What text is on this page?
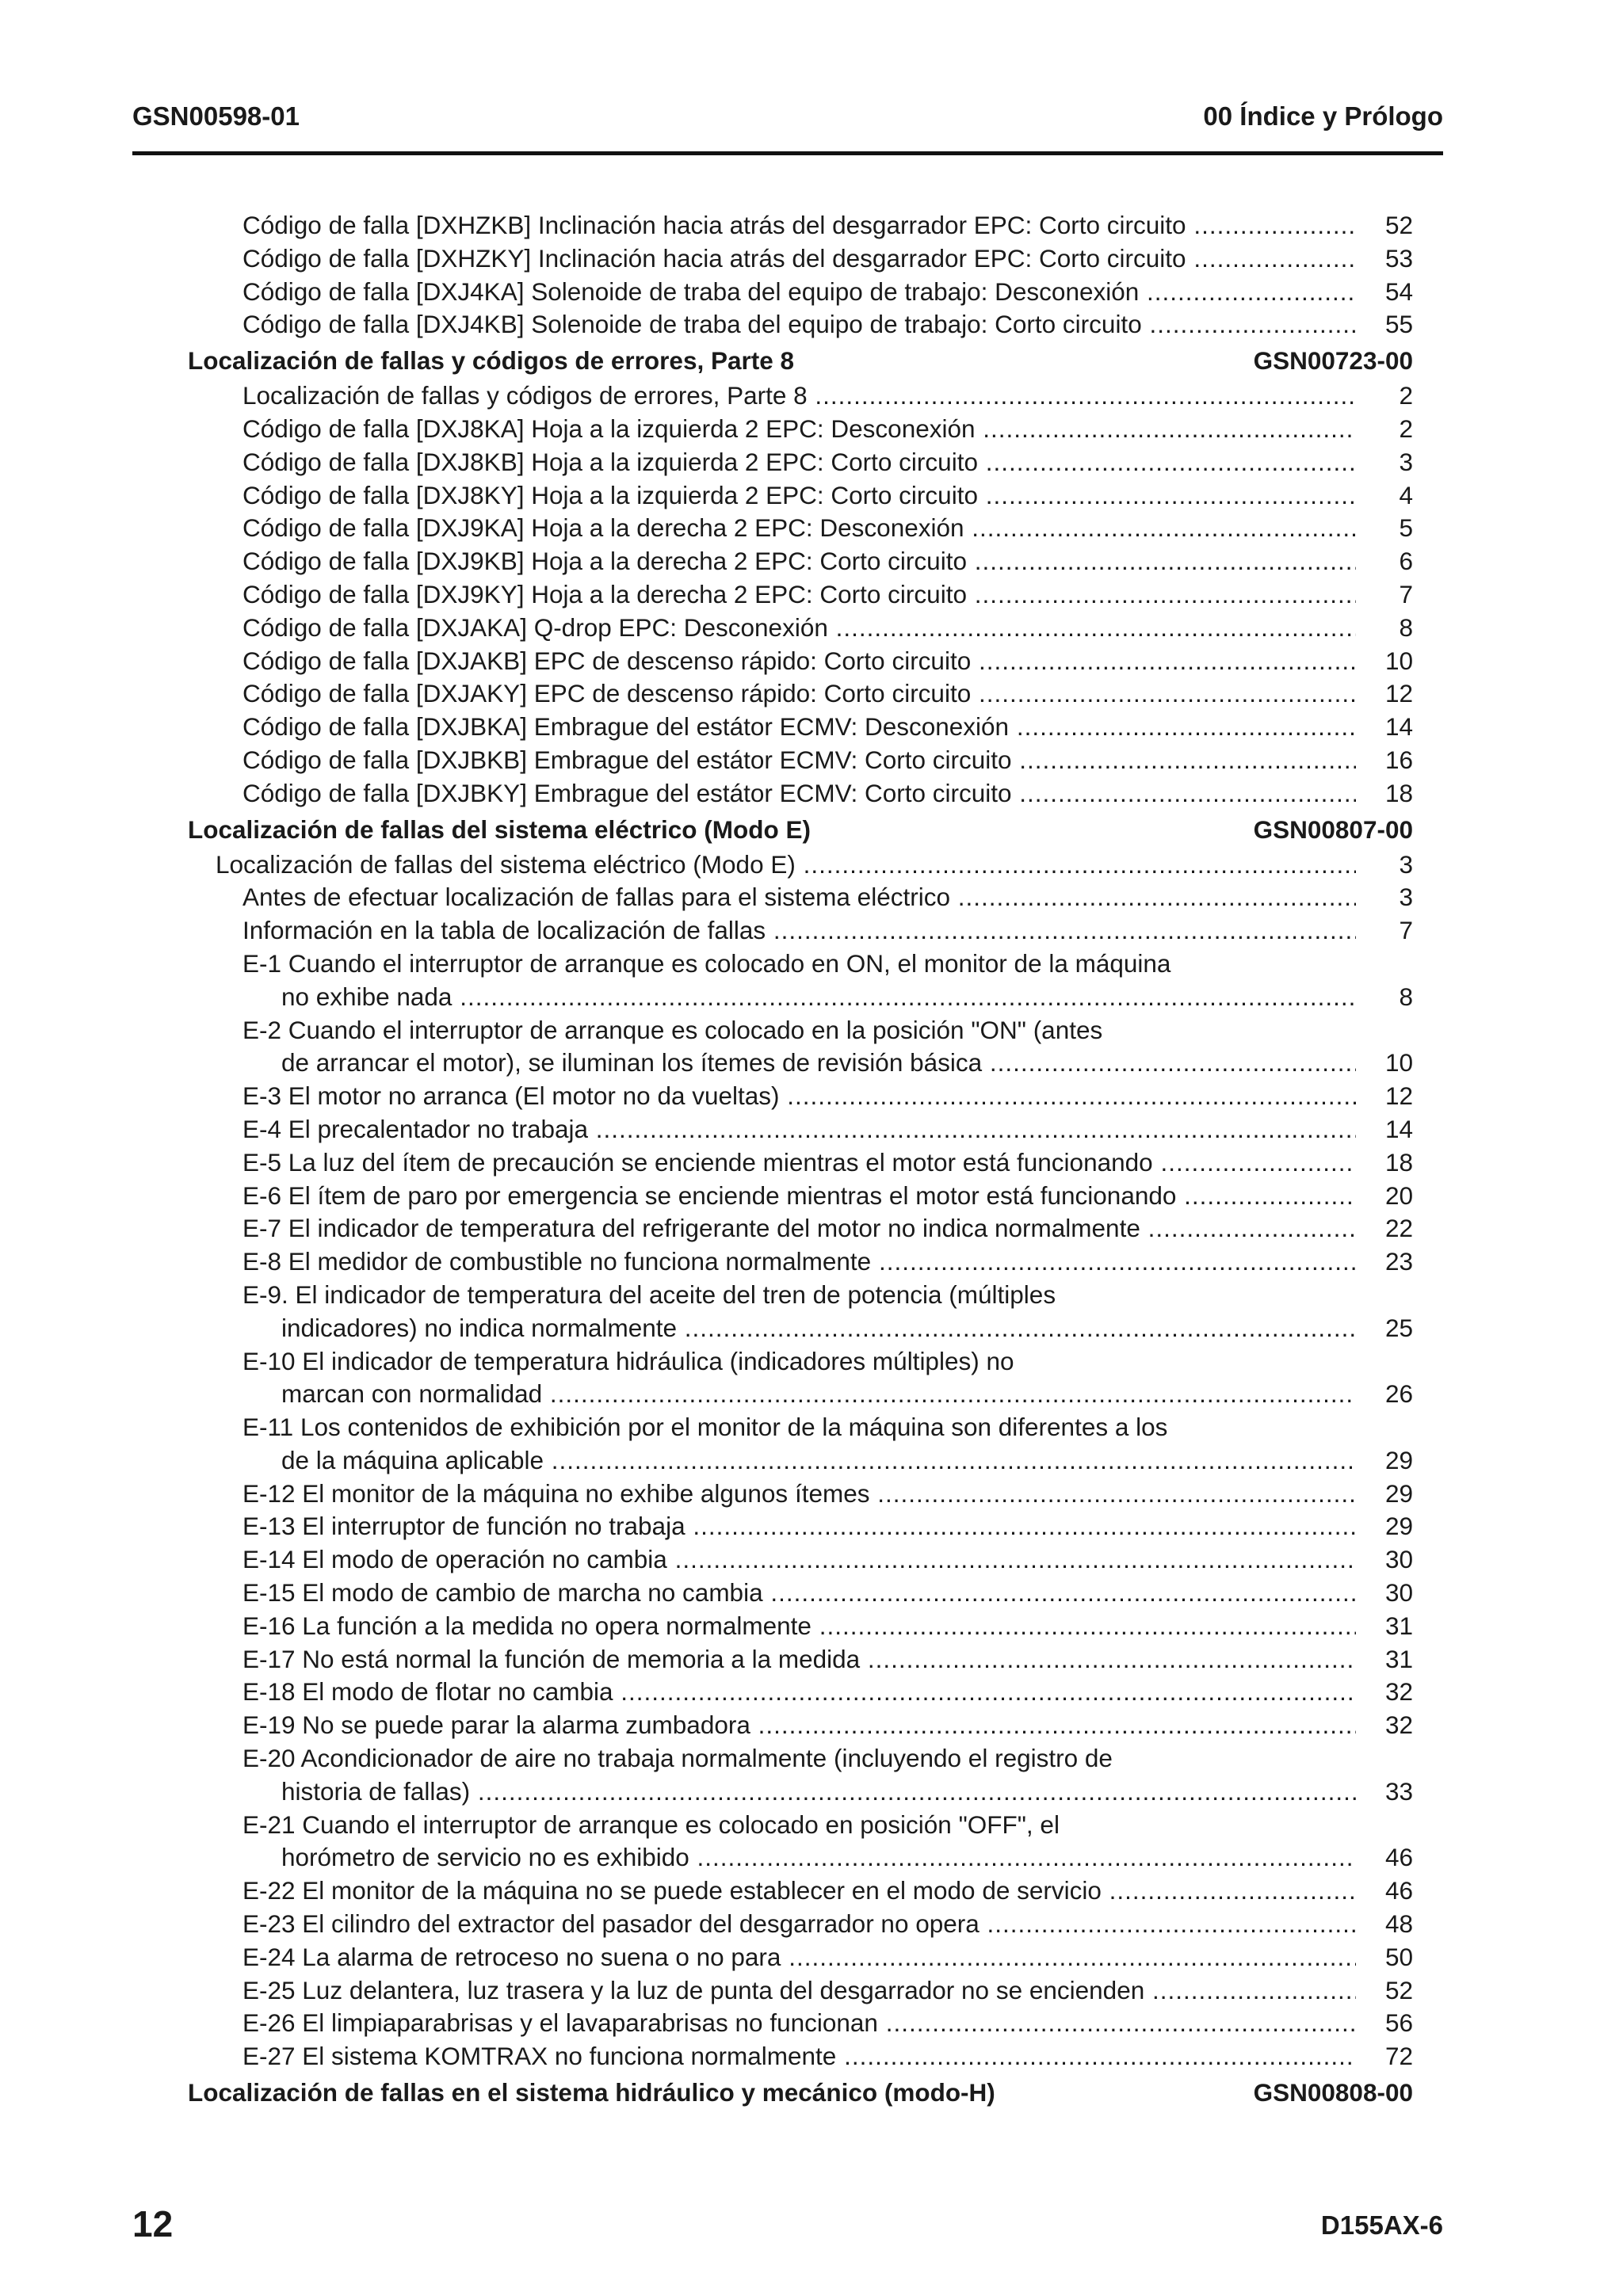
GSN00598-01	00 Índice y Prólogo
Código de falla [DXHZKB] Inclinación hacia atrás del desgarrador EPC: Corto circuito .....	52
Código de falla [DXHZKY] Inclinación hacia atrás del desgarrador EPC: Corto circuito .....	53
Código de falla [DXJ4KA] Solenoide de traba del equipo de trabajo: Desconexión .....	54
Código de falla [DXJ4KB] Solenoide de traba del equipo de trabajo: Corto circuito .....	55
Localización de fallas y códigos de errores, Parte 8	GSN00723-00
Localización de fallas y códigos de errores, Parte 8 .....	2
Código de falla [DXJ8KA] Hoja a la izquierda 2 EPC: Desconexión .....	2
Código de falla [DXJ8KB] Hoja a la izquierda 2 EPC: Corto circuito .....	3
Código de falla [DXJ8KY] Hoja a la izquierda 2 EPC: Corto circuito .....	4
Código de falla [DXJ9KA] Hoja a la derecha 2 EPC: Desconexión .....	5
Código de falla [DXJ9KB] Hoja a la derecha 2 EPC: Corto circuito .....	6
Código de falla [DXJ9KY] Hoja a la derecha 2 EPC: Corto circuito .....	7
Código de falla [DXJAKA] Q-drop EPC: Desconexión .....	8
Código de falla [DXJAKB] EPC de descenso rápido: Corto circuito .....	10
Código de falla [DXJAKY] EPC de descenso rápido: Corto circuito .....	12
Código de falla [DXJBKA] Embrague del estátor ECMV: Desconexión .....	14
Código de falla [DXJBKB] Embrague del estátor ECMV: Corto circuito .....	16
Código de falla [DXJBKY] Embrague del estátor ECMV: Corto circuito .....	18
Localización de fallas del sistema eléctrico (Modo E)	GSN00807-00
Localización de fallas del sistema eléctrico (Modo E) .....	3
Antes de efectuar localización de fallas para el sistema eléctrico .....	3
Información en la tabla de localización de fallas .....	7
E-1 Cuando el interruptor de arranque es colocado en ON, el monitor de la máquina
no exhibe nada .....	8
E-2 Cuando el interruptor de arranque es colocado en la posición "ON" (antes
de arrancar el motor), se iluminan los ítemes de revisión básica .....	10
E-3 El motor no arranca (El motor no da vueltas) .....	12
E-4 El precalentador no trabaja .....	14
E-5 La luz del ítem de precaución se enciende mientras el motor está funcionando .....	18
E-6 El ítem de paro por emergencia se enciende mientras el motor está funcionando .....	20
E-7 El indicador de temperatura del refrigerante del motor no indica normalmente .....	22
E-8 El medidor de combustible no funciona normalmente .....	23
E-9. El indicador de temperatura del aceite del tren de potencia (múltiples
indicadores) no indica normalmente .....	25
E-10 El indicador de temperatura hidráulica (indicadores múltiples) no
marcan con normalidad .....	26
E-11 Los contenidos de exhibición por el monitor de la máquina son diferentes a los
de la máquina aplicable .....	29
E-12 El monitor de la máquina no exhibe algunos ítemes .....	29
E-13 El interruptor de función no trabaja .....	29
E-14 El modo de operación no cambia .....	30
E-15 El modo de cambio de marcha no cambia .....	30
E-16 La función a la medida no opera normalmente .....	31
E-17 No está normal la función de memoria a la medida .....	31
E-18 El modo de flotar no cambia .....	32
E-19 No se puede parar la alarma zumbadora .....	32
E-20 Acondicionador de aire no trabaja normalmente (incluyendo el registro de
historia de fallas) .....	33
E-21 Cuando el interruptor de arranque es colocado en posición "OFF", el
horómetro de servicio no es exhibido .....	46
E-22 El monitor de la máquina no se puede establecer en el modo de servicio .....	46
E-23 El cilindro del extractor del pasador del desgarrador no opera .....	48
E-24 La alarma de retroceso no suena o no para .....	50
E-25 Luz delantera, luz trasera y la luz de punta del desgarrador no se encienden .....	52
E-26 El limpiaparabrisas y el lavaparabrisas no funcionan .....	56
E-27 El sistema KOMTRAX no funciona normalmente .....	72
Localización de fallas en el sistema hidráulico y mecánico (modo-H)	GSN00808-00
12	D155AX-6
